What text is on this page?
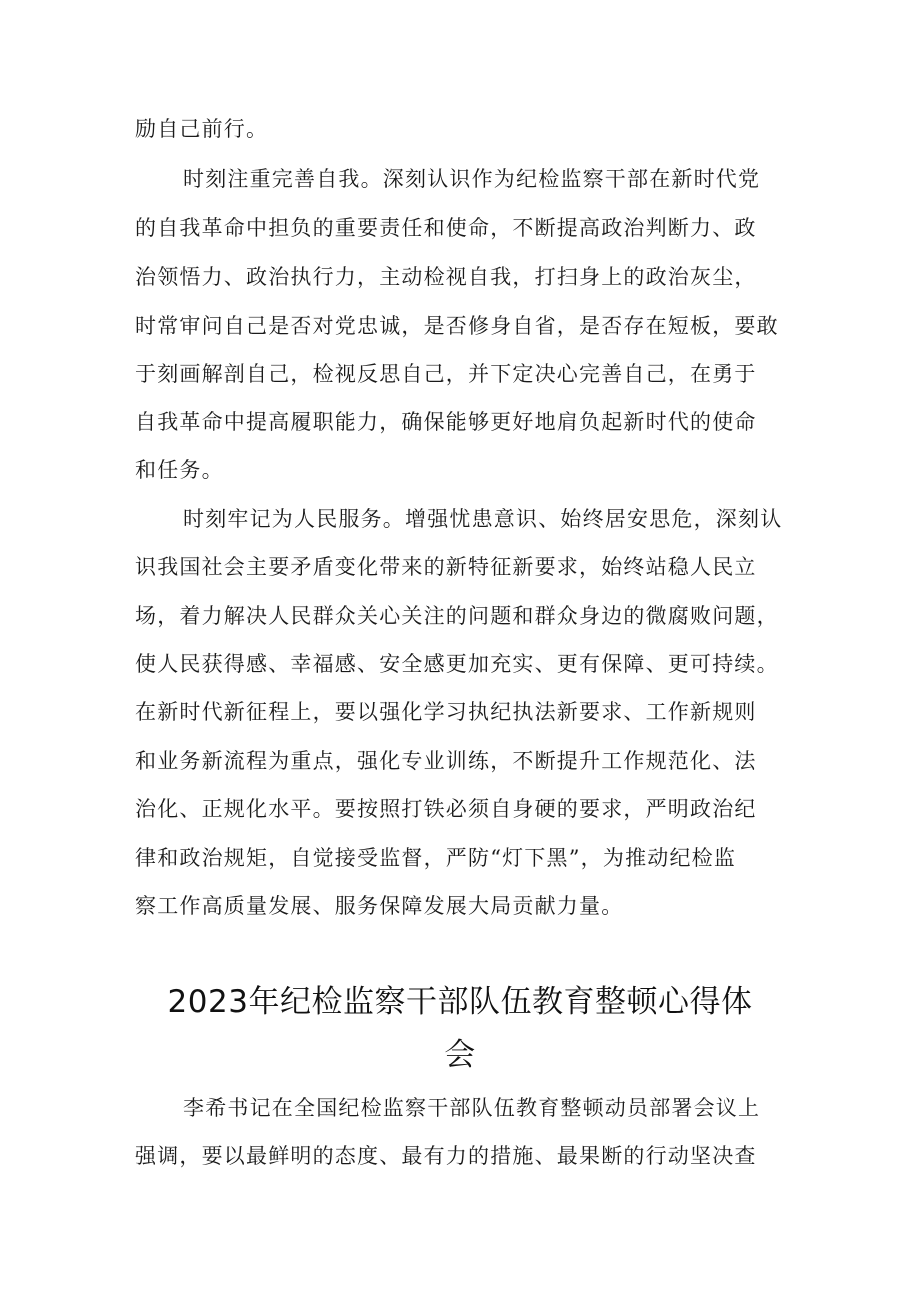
励自己前行。
时刻注重完善自我。深刻认识作为纪检监察干部在新时代党
的自我革命中担负的重要责任和使命，不断提高政治判断力、政
治领悟力、政治执行力，主动检视自我，打扫身上的政治灰尘，
时常审问自己是否对党忠诚，是否修身自省，是否存在短板，要敢
于刻画解剖自己，检视反思自己，并下定决心完善自己，在勇于
自我革命中提高履职能力，确保能够更好地肩负起新时代的使命
和任务。
时刻牢记为人民服务。增强忧患意识、始终居安思危，深刻认
识我国社会主要矛盾变化带来的新特征新要求，始终站稳人民立
场，着力解决人民群众关心关注的问题和群众身边的微腐败问题，
使人民获得感、幸福感、安全感更加充实、更有保障、更可持续。
在新时代新征程上，要以强化学习执纪执法新要求、工作新规则
和业务新流程为重点，强化专业训练，不断提升工作规范化、法
治化、正规化水平。要按照打铁必须自身硬的要求，严明政治纪
律和政治规矩，自觉接受监督，严防“灯下黑”，为推动纪检监
察工作高质量发展、服务保障发展大局贡献力量。
2023年纪检监察干部队伍教育整顿心得体
会
李希书记在全国纪检监察干部队伍教育整顿动员部署会议上
强调，要以最鲜明的态度、最有力的措施、最果断的行动坚决查
